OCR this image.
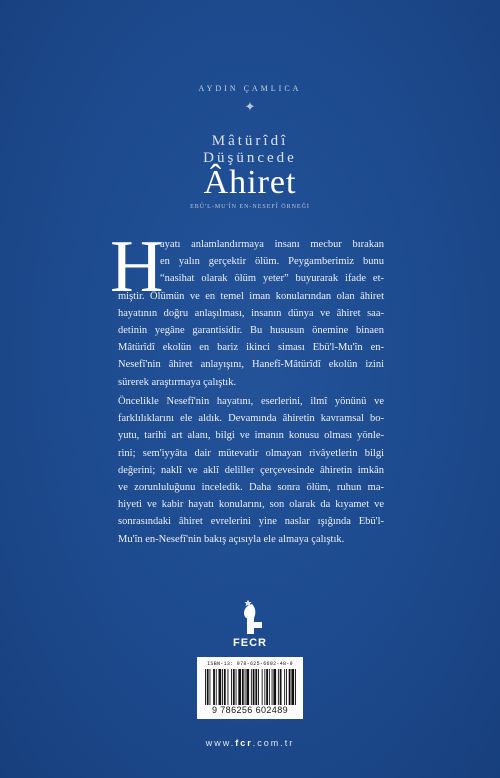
AYDIN ÇAMLICA
✦
Mâtürîdî
Düşüncede
Âhiret
EBÛ'L-MU'ÎN EN-NESEFÎ ÖRNEĞİ
H
ayatı anlamlandırmaya insanı mecbur bırakan
en yalın gerçektir ölüm. Peygamberimiz bunu
“nasihat olarak ölüm yeter” buyurarak ifade et-
miştir. Ölümün ve en temel iman konularından olan âhiret
hayatının doğru anlaşılması, insanın dünya ve âhiret saa-
detinin yegâne garantisidir. Bu hususun önemine binaen
Mâtürîdî ekolün en bariz ikinci siması Ebü'l-Mu'în en-
Nesefî'nin âhiret anlayışını, Hanefî-Mâtürîdî ekolün izini
sürerek araştırmaya çalıştık.
Öncelikle Nesefî'nin hayatını, eserlerini, ilmî yönünü ve
farklılıklarını ele aldık. Devamında âhiretin kavramsal bo-
yutu, tarihi art alanı, bilgi ve imanın konusu olması yönle-
rini; sem'iyyâta dair mütevatir olmayan rivâyetlerin bilgi
değerini; naklî ve aklî deliller çerçevesinde âhiretin imkân
ve zorunluluğunu inceledik. Daha sonra ölüm, ruhun ma-
hiyeti ve kabir hayatı konularını, son olarak da kıyamet ve
sonrasındaki âhiret evrelerini yine naslar ışığında Ebü'l-
Mu'în en-Nesefî'nin bakış açısıyla ele almaya çalıştık.
FECR
ISBN-13: 978-625-6602-48-9
9 786256 602489
www.fcr.com.tr
